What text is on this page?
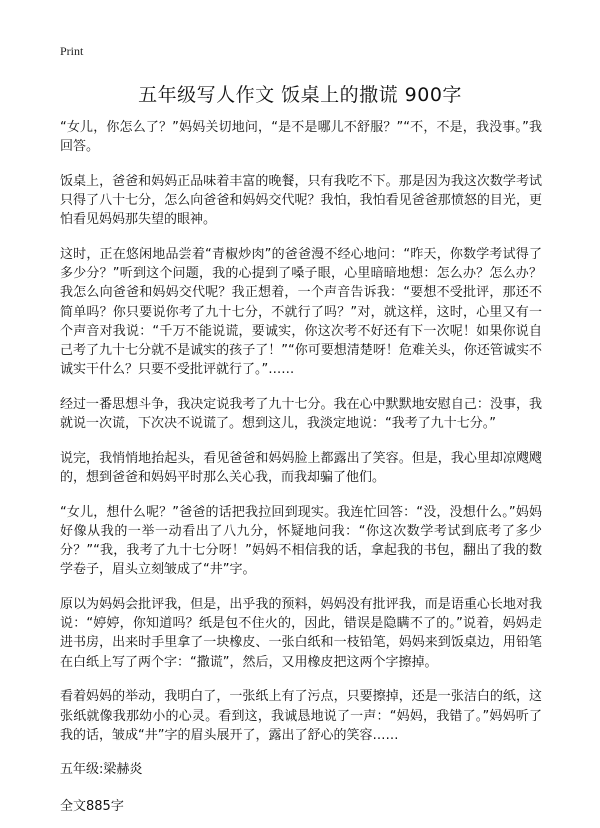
Print
五年级写人作文 饭桌上的撒谎 900字

“女儿，你怎么了？”妈妈关切地问，“是不是哪儿不舒服？”“不，不是，我没事。”我回答。

饭桌上，爸爸和妈妈正品味着丰富的晚餐，只有我吃不下。那是因为我这次数学考试只得了八十七分，怎么向爸爸和妈妈交代呢？我怕，我怕看见爸爸那愤怒的目光，更怕看见妈妈那失望的眼神。

这时，正在悠闲地品尝着“青椒炒肉”的爸爸漫不经心地问：“昨天，你数学考试得了多少分？”听到这个问题，我的心提到了嗓子眼，心里暗暗地想：怎么办？怎么办？我怎么向爸爸和妈妈交代呢？我正想着，一个声音告诉我：“要想不受批评，那还不简单吗？你只要说你考了九十七分，不就行了吗？”对，就这样，这时，心里又有一个声音对我说：“千万不能说谎，要诚实，你这次考不好还有下一次呢！如果你说自己考了九十七分就不是诚实的孩子了！”“你可要想清楚呀！危难关头，你还管诚实不诚实干什么？只要不受批评就行了。”……

经过一番思想斗争，我决定说我考了九十七分。我在心中默默地安慰自己：没事，我就说一次谎，下次决不说谎了。想到这儿，我淡定地说：“我考了九十七分。”

说完，我悄悄地抬起头，看见爸爸和妈妈脸上都露出了笑容。但是，我心里却凉飕飕的，想到爸爸和妈妈平时那么关心我，而我却骗了他们。

“女儿，想什么呢？”爸爸的话把我拉回到现实。我连忙回答：“没，没想什么。”妈妈好像从我的一举一动看出了八九分，怀疑地问我：“你这次数学考试到底考了多少分？”“我，我考了九十七分呀！”妈妈不相信我的话，拿起我的书包，翻出了我的数学卷子，眉头立刻皱成了“井”字。

原以为妈妈会批评我，但是，出乎我的预料，妈妈没有批评我，而是语重心长地对我说：“婷婷，你知道吗？纸是包不住火的，因此，错误是隐瞒不了的。”说着，妈妈走进书房，出来时手里拿了一块橡皮、一张白纸和一枝铅笔，妈妈来到饭桌边，用铅笔在白纸上写了两个字：“撒谎”，然后，又用橡皮把这两个字擦掉。

看着妈妈的举动，我明白了，一张纸上有了污点，只要擦掉，还是一张洁白的纸，这张纸就像我那幼小的心灵。看到这，我诚恳地说了一声：“妈妈，我错了。”妈妈听了我的话，皱成“井”字的眉头展开了，露出了舒心的笑容……

五年级:梁赫炎

全文885字
